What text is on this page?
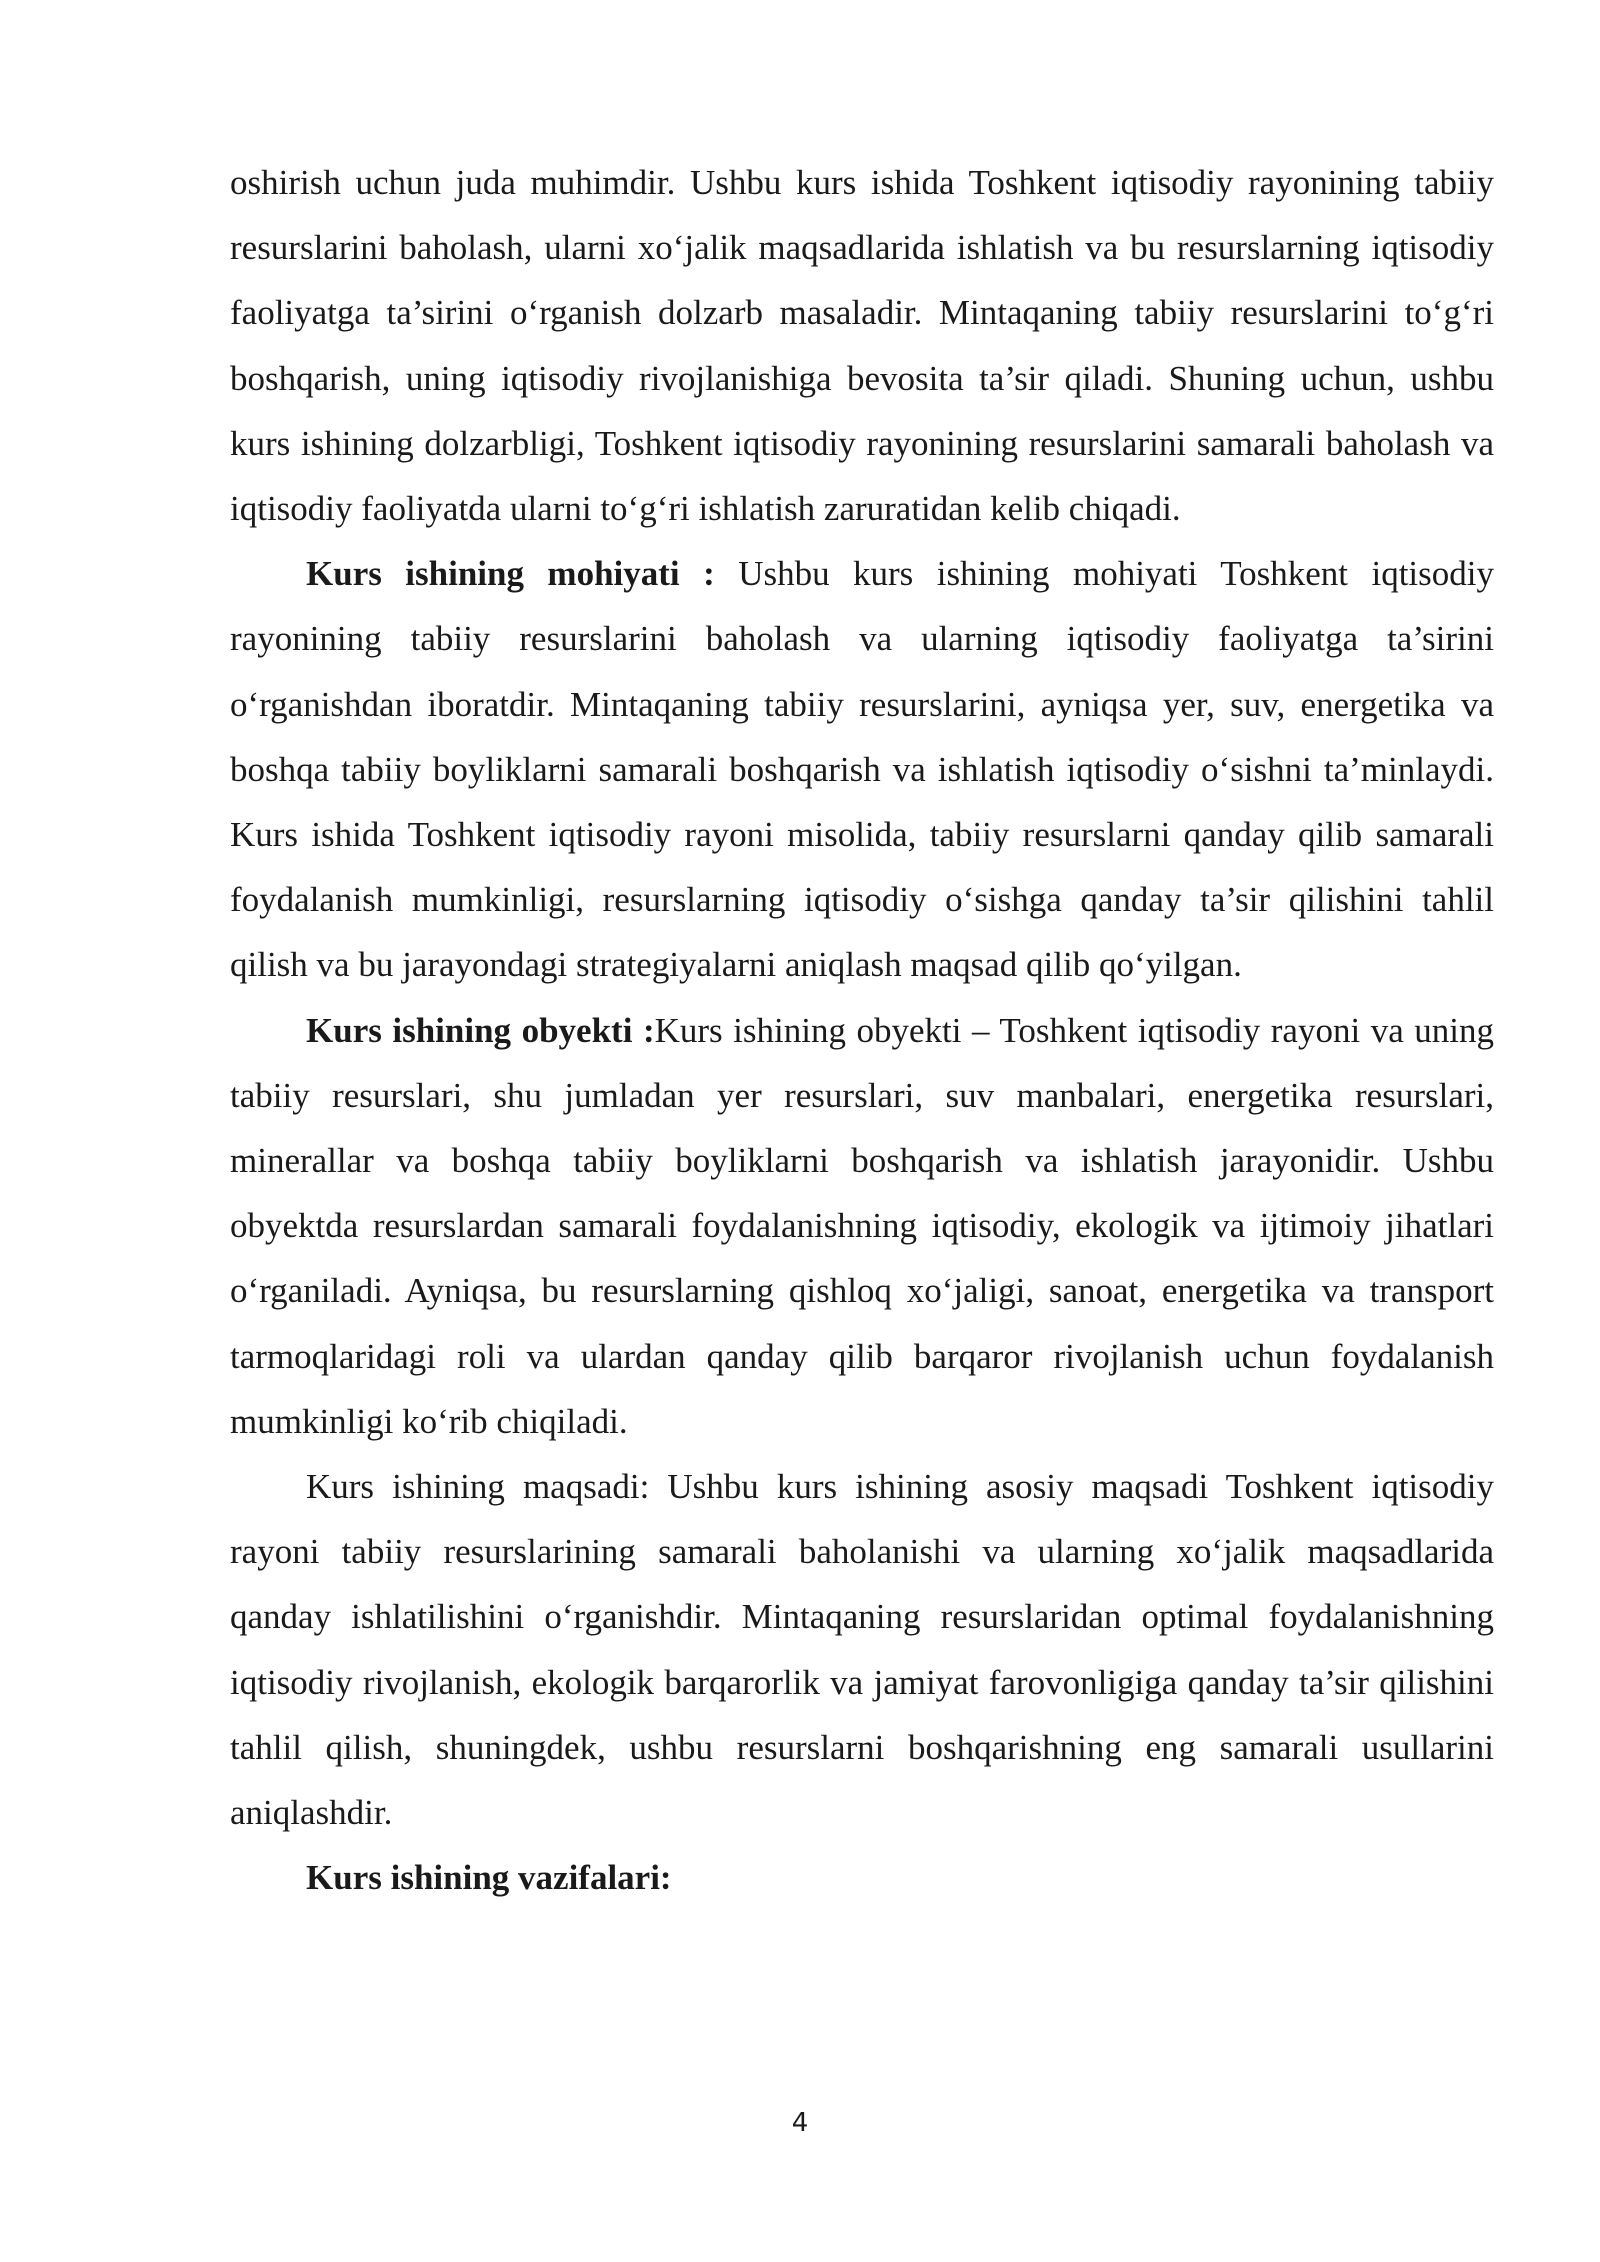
oshirish uchun juda muhimdir. Ushbu kurs ishida Toshkent iqtisodiy rayonining tabiiy resurslarini baholash, ularni xo‘jalik maqsadlarida ishlatish va bu resurslarning iqtisodiy faoliyatga ta’sirini o‘rganish dolzarb masaladir. Mintaqaning tabiiy resurslarini to‘g‘ri boshqarish, uning iqtisodiy rivojlanishiga bevosita ta’sir qiladi. Shuning uchun, ushbu kurs ishining dolzarbligi, Toshkent iqtisodiy rayonining resurslarini samarali baholash va iqtisodiy faoliyatda ularni to‘g‘ri ishlatish zaruratidan kelib chiqadi.

Kurs ishining mohiyati : Ushbu kurs ishining mohiyati Toshkent iqtisodiy rayonining tabiiy resurslarini baholash va ularning iqtisodiy faoliyatga ta’sirini o‘rganishdan iboratdir. Mintaqaning tabiiy resurslarini, ayniqsa yer, suv, energetika va boshqa tabiiy boyliklarni samarali boshqarish va ishlatish iqtisodiy o‘sishni ta’minlaydi. Kurs ishida Toshkent iqtisodiy rayoni misolida, tabiiy resurslarni qanday qilib samarali foydalanish mumkinligi, resurslarning iqtisodiy o‘sishga qanday ta’sir qilishini tahlil qilish va bu jarayondagi strategiyalarni aniqlash maqsad qilib qo‘yilgan.

Kurs ishining obyekti :Kurs ishining obyekti – Toshkent iqtisodiy rayoni va uning tabiiy resurslari, shu jumladan yer resurslari, suv manbalari, energetika resurslari, minerallar va boshqa tabiiy boyliklarni boshqarish va ishlatish jarayonidir. Ushbu obyektda resurslardan samarali foydalanishning iqtisodiy, ekologik va ijtimoiy jihatlari o‘rganiladi. Ayniqsa, bu resurslarning qishloq xo‘jaligi, sanoat, energetika va transport tarmoqlaridagi roli va ulardan qanday qilib barqaror rivojlanish uchun foydalanish mumkinligi ko‘rib chiqiladi.

Kurs ishining maqsadi: Ushbu kurs ishining asosiy maqsadi Toshkent iqtisodiy rayoni tabiiy resurslarining samarali baholanishi va ularning xo‘jalik maqsadlarida qanday ishlatilishini o‘rganishdir. Mintaqaning resurslaridan optimal foydalanishning iqtisodiy rivojlanish, ekologik barqarorlik va jamiyat farovonligiga qanday ta’sir qilishini tahlil qilish, shuningdek, ushbu resurslarni boshqarishning eng samarali usullarini aniqlashdir.

Kurs ishining vazifalari:

4
